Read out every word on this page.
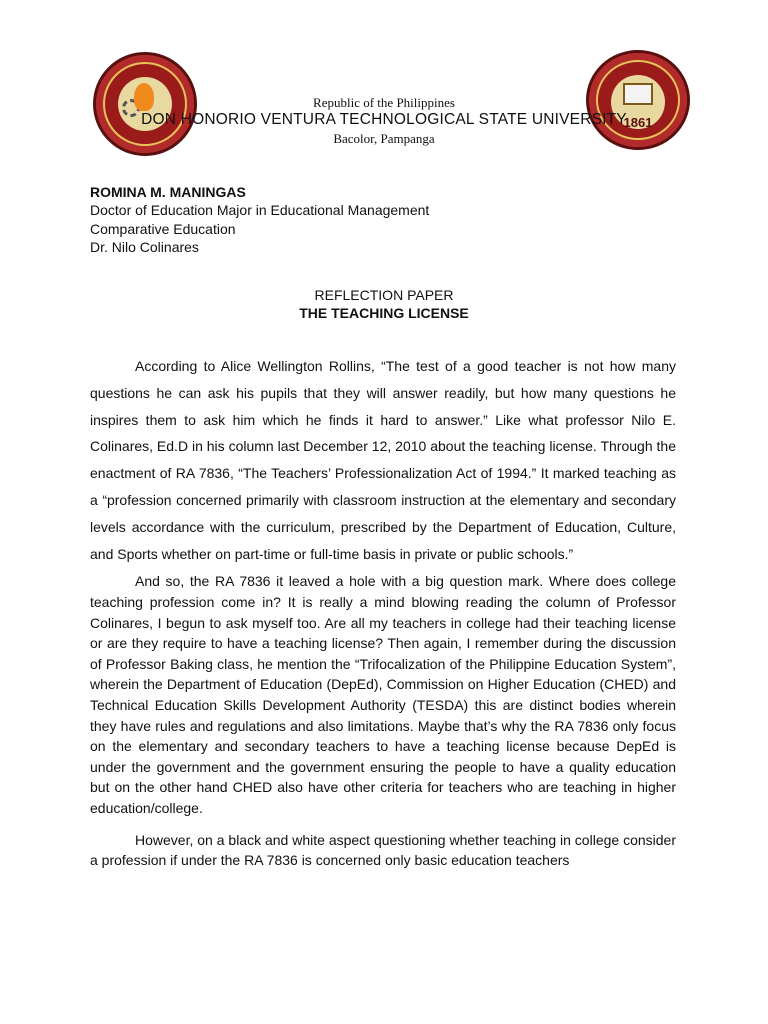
1861
Republic of the Philippines
DON HONORIO VENTURA TECHNOLOGICAL STATE UNIVERSITY
Bacolor, Pampanga
ROMINA M. MANINGAS
Doctor of Education Major in Educational Management
Comparative Education
Dr. Nilo Colinares
REFLECTION PAPER
THE TEACHING LICENSE

According to Alice Wellington Rollins, “The test of a good teacher is not how many questions he can ask his pupils that they will answer readily, but how many questions he inspires them to ask him which he finds it hard to answer.” Like what professor Nilo E. Colinares, Ed.D in his column last December 12, 2010 about the teaching license. Through the enactment of RA 7836, “The Teachers’ Professionalization Act of 1994.” It marked teaching as a “profession concerned primarily with classroom instruction at the elementary and secondary levels accordance with the curriculum, prescribed by the Department of Education, Culture, and Sports whether on part-time or full-time basis in private or public schools.”

And so, the RA 7836 it leaved a hole with a big question mark. Where does college teaching profession come in? It is really a mind blowing reading the column of Professor Colinares, I begun to ask myself too. Are all my teachers in college had their teaching license or are they require to have a teaching license? Then again, I remember during the discussion of Professor Baking class, he mention the “Trifocalization of the Philippine Education System”, wherein the Department of Education (DepEd), Commission on Higher Education (CHED) and Technical Education Skills Development Authority (TESDA) this are distinct bodies wherein they have rules and regulations and also limitations. Maybe that’s why the RA 7836 only focus on the elementary and secondary teachers to have a teaching license because DepEd is under the government and the government ensuring the people to have a quality education but on the other hand CHED also have other criteria for teachers who are teaching in higher education/college.

However, on a black and white aspect questioning whether teaching in college consider a profession if under the RA 7836 is concerned only basic education teachers
